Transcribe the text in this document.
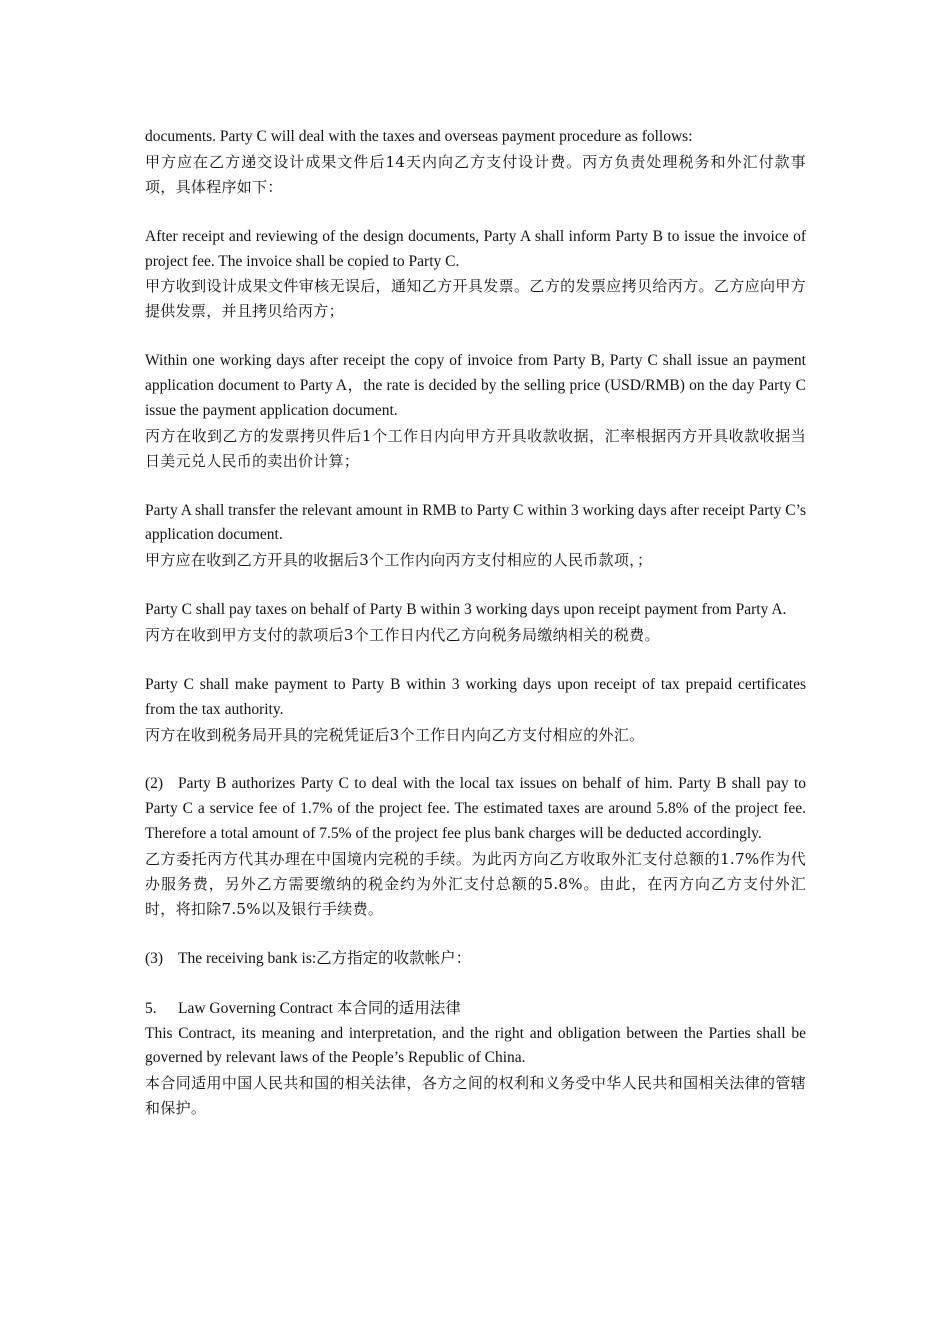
documents. Party C will deal with the taxes and overseas payment procedure as follows:
甲方应在乙方递交设计成果文件后14天内向乙方支付设计费。丙方负责处理税务和外汇付款事项，具体程序如下：
After receipt and reviewing of the design documents, Party A shall inform Party B to issue the invoice of project fee. The invoice shall be copied to Party C.
甲方收到设计成果文件审核无误后，通知乙方开具发票。乙方的发票应拷贝给丙方。乙方应向甲方提供发票，并且拷贝给丙方；
Within one working days after receipt the copy of invoice from Party B, Party C shall issue an payment application document to Party A，the rate is decided by the selling price (USD/RMB) on the day Party C issue the payment application document.
丙方在收到乙方的发票拷贝件后1个工作日内向甲方开具收款收据，汇率根据丙方开具收款收据当日美元兑人民币的卖出价计算；
Party A shall transfer the relevant amount in RMB to Party C within 3 working days after receipt Party C’s application document.
甲方应在收到乙方开具的收据后3个工作内向丙方支付相应的人民币款项，；
Party C shall pay taxes on behalf of Party B within 3 working days upon receipt payment from Party A.
丙方在收到甲方支付的款项后3个工作日内代乙方向税务局缴纳相关的税费。
Party C shall make payment to Party B within 3 working days upon receipt of tax prepaid certificates from the tax authority.
丙方在收到税务局开具的完税凭证后3个工作日内向乙方支付相应的外汇。
(2) Party B authorizes Party C to deal with the local tax issues on behalf of him. Party B shall pay to Party C a service fee of 1.7% of the project fee. The estimated taxes are around 5.8% of the project fee. Therefore a total amount of 7.5% of the project fee plus bank charges will be deducted accordingly.
乙方委托丙方代其办理在中国境内完税的手续。为此丙方向乙方收取外汇支付总额的1.7%作为代办服务费，另外乙方需要缴纳的税金约为外汇支付总额的5.8%。由此，在丙方向乙方支付外汇时，将扣除7.5%以及银行手续费。
(3) The receiving bank is:乙方指定的收款帐户：
5. Law Governing Contract 本合同的适用法律
This Contract, its meaning and interpretation, and the right and obligation between the Parties shall be governed by relevant laws of the People’s Republic of China.
本合同适用中国人民共和国的相关法律，各方之间的权利和义务受中华人民共和国相关法律的管辖和保护。
